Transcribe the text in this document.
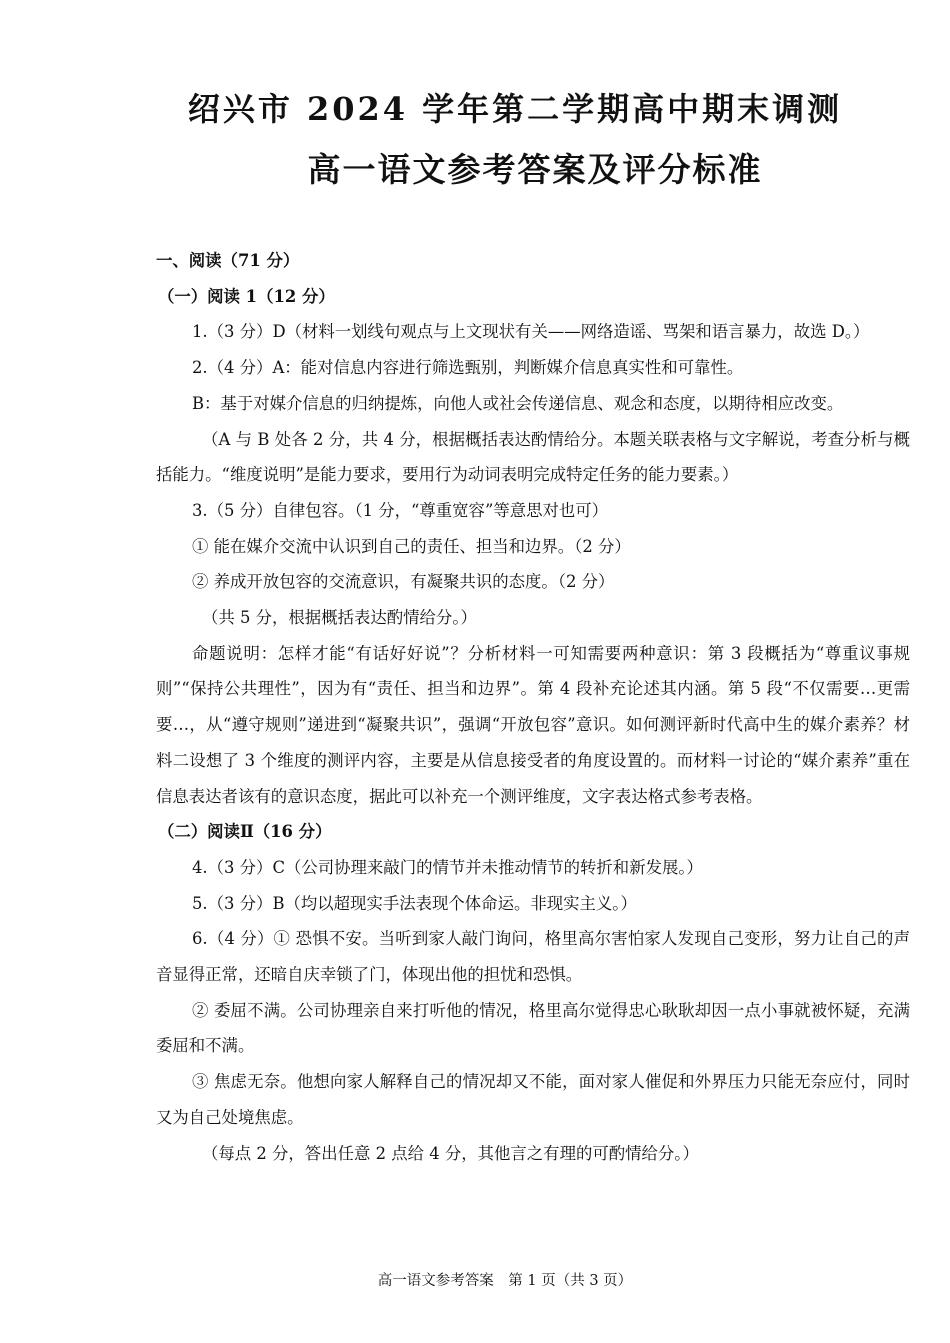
绍兴市 2024 学年第二学期高中期末调测
高一语文参考答案及评分标准

一、阅读（71 分）

（一）阅读 1（12 分）

1.（3 分）D（材料一划线句观点与上文现状有关——网络造谣、骂架和语言暴力，故选 D。）

2.（4 分）A：能对信息内容进行筛选甄别，判断媒介信息真实性和可靠性。

B：基于对媒介信息的归纳提炼，向他人或社会传递信息、观念和态度，以期待相应改变。

（A 与 B 处各 2 分，共 4 分，根据概括表达酌情给分。本题关联表格与文字解说，考查分析与概括能力。“维度说明”是能力要求，要用行为动词表明完成特定任务的能力要素。）

3.（5 分）自律包容。（1 分，“尊重宽容”等意思对也可）

① 能在媒介交流中认识到自己的责任、担当和边界。（2 分）

② 养成开放包容的交流意识，有凝聚共识的态度。（2 分）

（共 5 分，根据概括表达酌情给分。）

命题说明：怎样才能“有话好好说”？分析材料一可知需要两种意识：第 3 段概括为“尊重议事规则”“保持公共理性”，因为有“责任、担当和边界”。第 4 段补充论述其内涵。第 5 段“不仅需要…更需要…，从“遵守规则”递进到“凝聚共识”，强调“开放包容”意识。如何测评新时代高中生的媒介素养？材料二设想了 3 个维度的测评内容，主要是从信息接受者的角度设置的。而材料一讨论的“媒介素养”重在信息表达者该有的意识态度，据此可以补充一个测评维度，文字表达格式参考表格。

（二）阅读Ⅱ（16 分）

4.（3 分）C（公司协理来敲门的情节并未推动情节的转折和新发展。）

5.（3 分）B（均以超现实手法表现个体命运。非现实主义。）

6.（4 分）① 恐惧不安。当听到家人敲门询问，格里高尔害怕家人发现自己变形，努力让自己的声音显得正常，还暗自庆幸锁了门，体现出他的担忧和恐惧。

② 委屈不满。公司协理亲自来打听他的情况，格里高尔觉得忠心耿耿却因一点小事就被怀疑，充满委屈和不满。

③ 焦虑无奈。他想向家人解释自己的情况却又不能，面对家人催促和外界压力只能无奈应付，同时又为自己处境焦虑。

（每点 2 分，答出任意 2 点给 4 分，其他言之有理的可酌情给分。）

高一语文参考答案　第 1 页（共 3 页）
